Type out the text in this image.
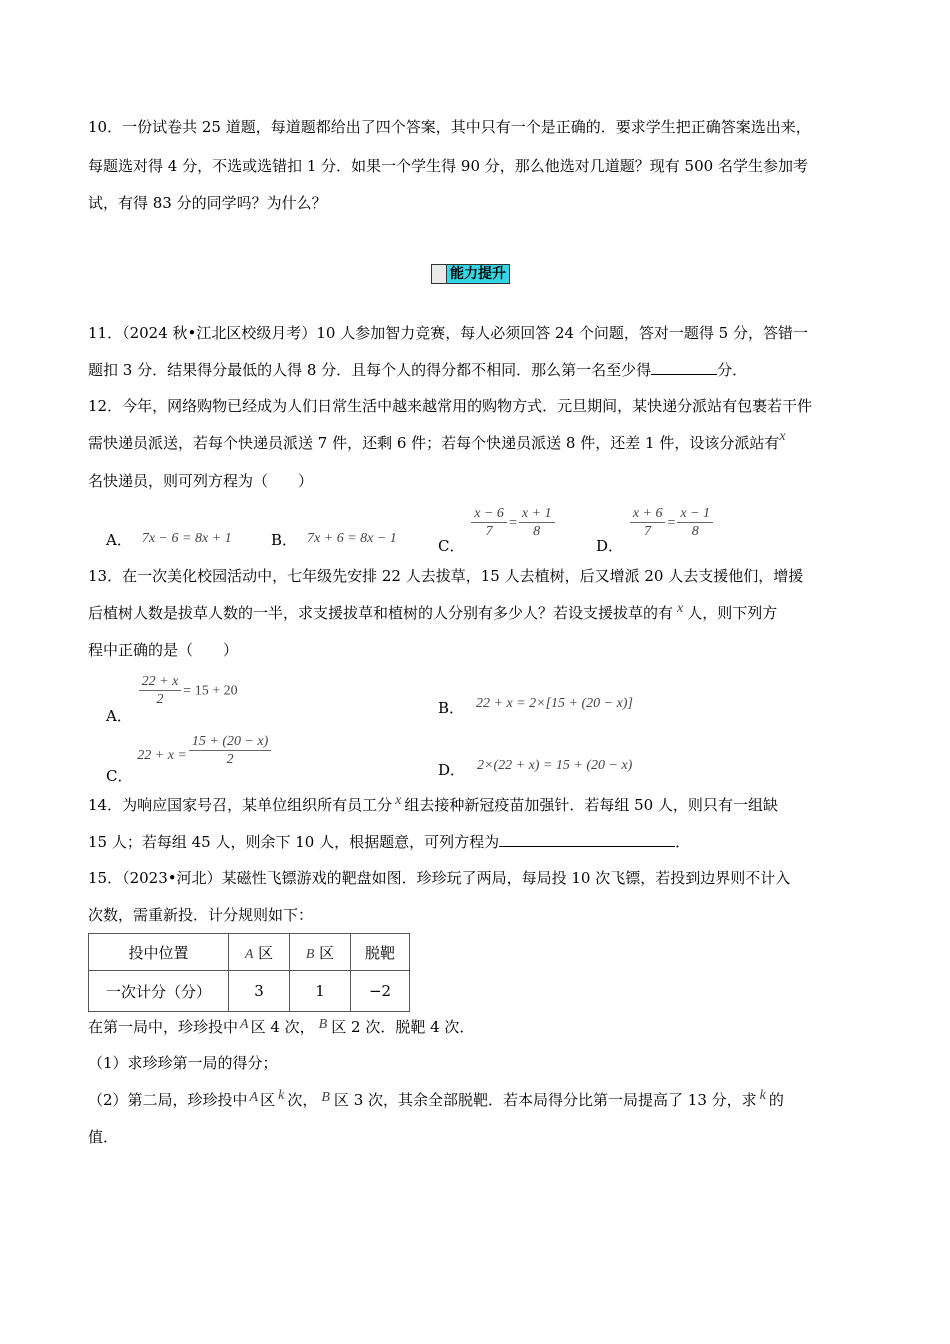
10．一份试卷共 25 道题，每道题都给出了四个答案，其中只有一个是正确的．要求学生把正确答案选出来，
每题选对得 4 分，不选或选错扣 1 分．如果一个学生得 90 分，那么他选对几道题？现有 500 名学生参加考
试，有得 83 分的同学吗？为什么？
能力提升
11．（2024 秋•江北区校级月考）10 人参加智力竞赛，每人必须回答 24 个问题，答对一题得 5 分，答错一
题扣 3 分．结果得分最低的人得 8 分．且每个人的得分都不相同．那么第一名至少得	分．
12．今年，网络购物已经成为人们日常生活中越来越常用的购物方式．元旦期间，某快递分派站有包裹若干件
需快递员派送，若每个快递员派送 7 件，还剩 6 件；若每个快递员派送 8 件，还差 1 件，设该分派站有x
名快递员，则可列方程为（　　）
A． 7x − 6 = 8x + 1	B． 7x + 6 = 8x − 1	C．
$\frac{x - 6}{7} = \frac{x + 1}{8}$
D．
$\frac{x + 6}{7} = \frac{x - 1}{8}$
13．在一次美化校园活动中，七年级先安排 22 人去拔草，15 人去植树，后又增派 20 人去支援他们，增援
后植树人数是拔草人数的一半，求支援拔草和植树的人分别有多少人？若设支援拔草的有 x 人，则下列方
程中正确的是（　　）
A．
$\frac{22 + x}{2} = 15 + 20$
B． 22 + x = 2×[15 + (20 − x)]
C． $22 + x = \frac{15 + (20 - x)}{2}$
D． 2×(22 + x) = 15 + (20 − x)
14．为响应国家号召，某单位组织所有员工分 x 组去接种新冠疫苗加强针．若每组 50 人，则只有一组缺
15 人；若每组 45 人，则余下 10 人，根据题意，可列方程为	．
15．（2023•河北）某磁性飞镖游戏的靶盘如图．珍珍玩了两局，每局投 10 次飞镖，若投到边界则不计入
次数，需重新投．计分规则如下：
投中位置	A 区	B 区	脱靶
一次计分（分）	3	1	−2
在第一局中，珍珍投中 A 区 4 次， B 区 2 次．脱靶 4 次．
（1）求珍珍第一局的得分；
（2）第二局，珍珍投中 A 区 k 次， B 区 3 次，其余全部脱靶．若本局得分比第一局提高了 13 分，求 k 的
值．
